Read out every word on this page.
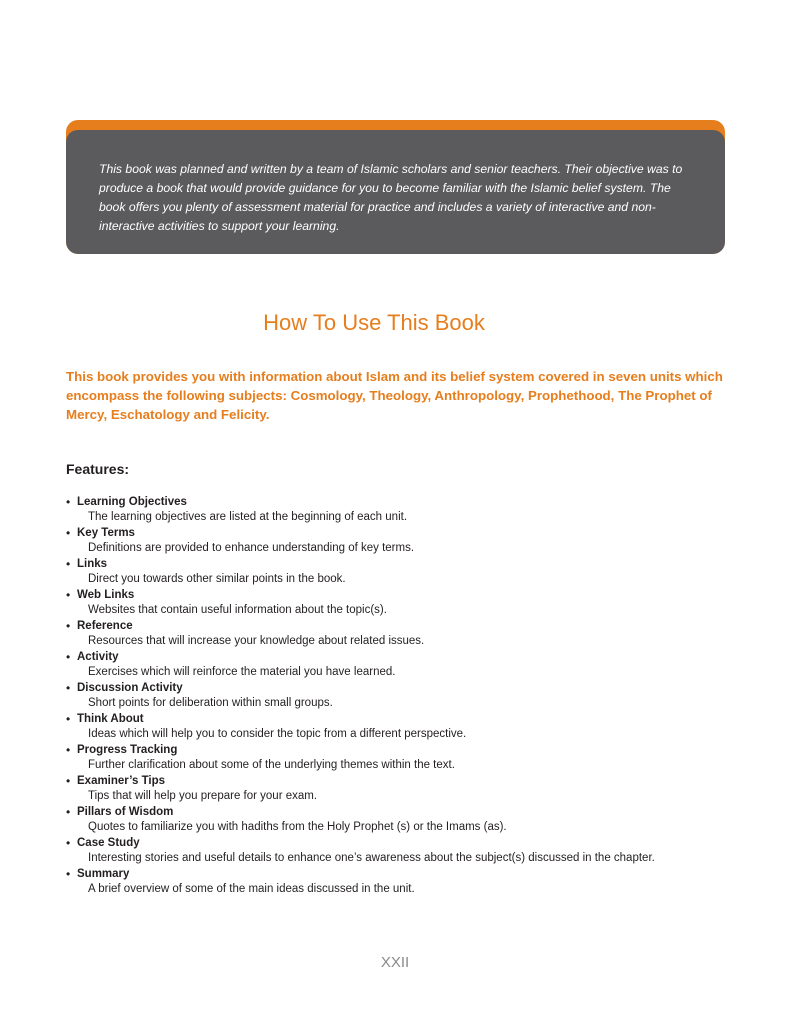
This book was planned and written by a team of Islamic scholars and senior teachers. Their objective was to produce a book that would provide guidance for you to become familiar with the Islamic belief system. The book offers you plenty of assessment material for practice and includes a variety of interactive and non-interactive activities to support your learning.

How To Use This Book

This book provides you with information about Islam and its belief system covered in seven units which encompass the following subjects: Cosmology, Theology, Anthropology, Prophethood, The Prophet of Mercy, Eschatology and Felicity.

Features:
• Learning Objectives
The learning objectives are listed at the beginning of each unit.
• Key Terms
Definitions are provided to enhance understanding of key terms.
• Links
Direct you towards other similar points in the book.
• Web Links
Websites that contain useful information about the topic(s).
• Reference
Resources that will increase your knowledge about related issues.
• Activity
Exercises which will reinforce the material you have learned.
• Discussion Activity
Short points for deliberation within small groups.
• Think About
Ideas which will help you to consider the topic from a different perspective.
• Progress Tracking
Further clarification about some of the underlying themes within the text.
• Examiner’s Tips
Tips that will help you prepare for your exam.
• Pillars of Wisdom
Quotes to familiarize you with hadiths from the Holy Prophet (s) or the Imams (as).
• Case Study
Interesting stories and useful details to enhance one’s awareness about the subject(s) discussed in the chapter.
• Summary
A brief overview of some of the main ideas discussed in the unit.

XXII
